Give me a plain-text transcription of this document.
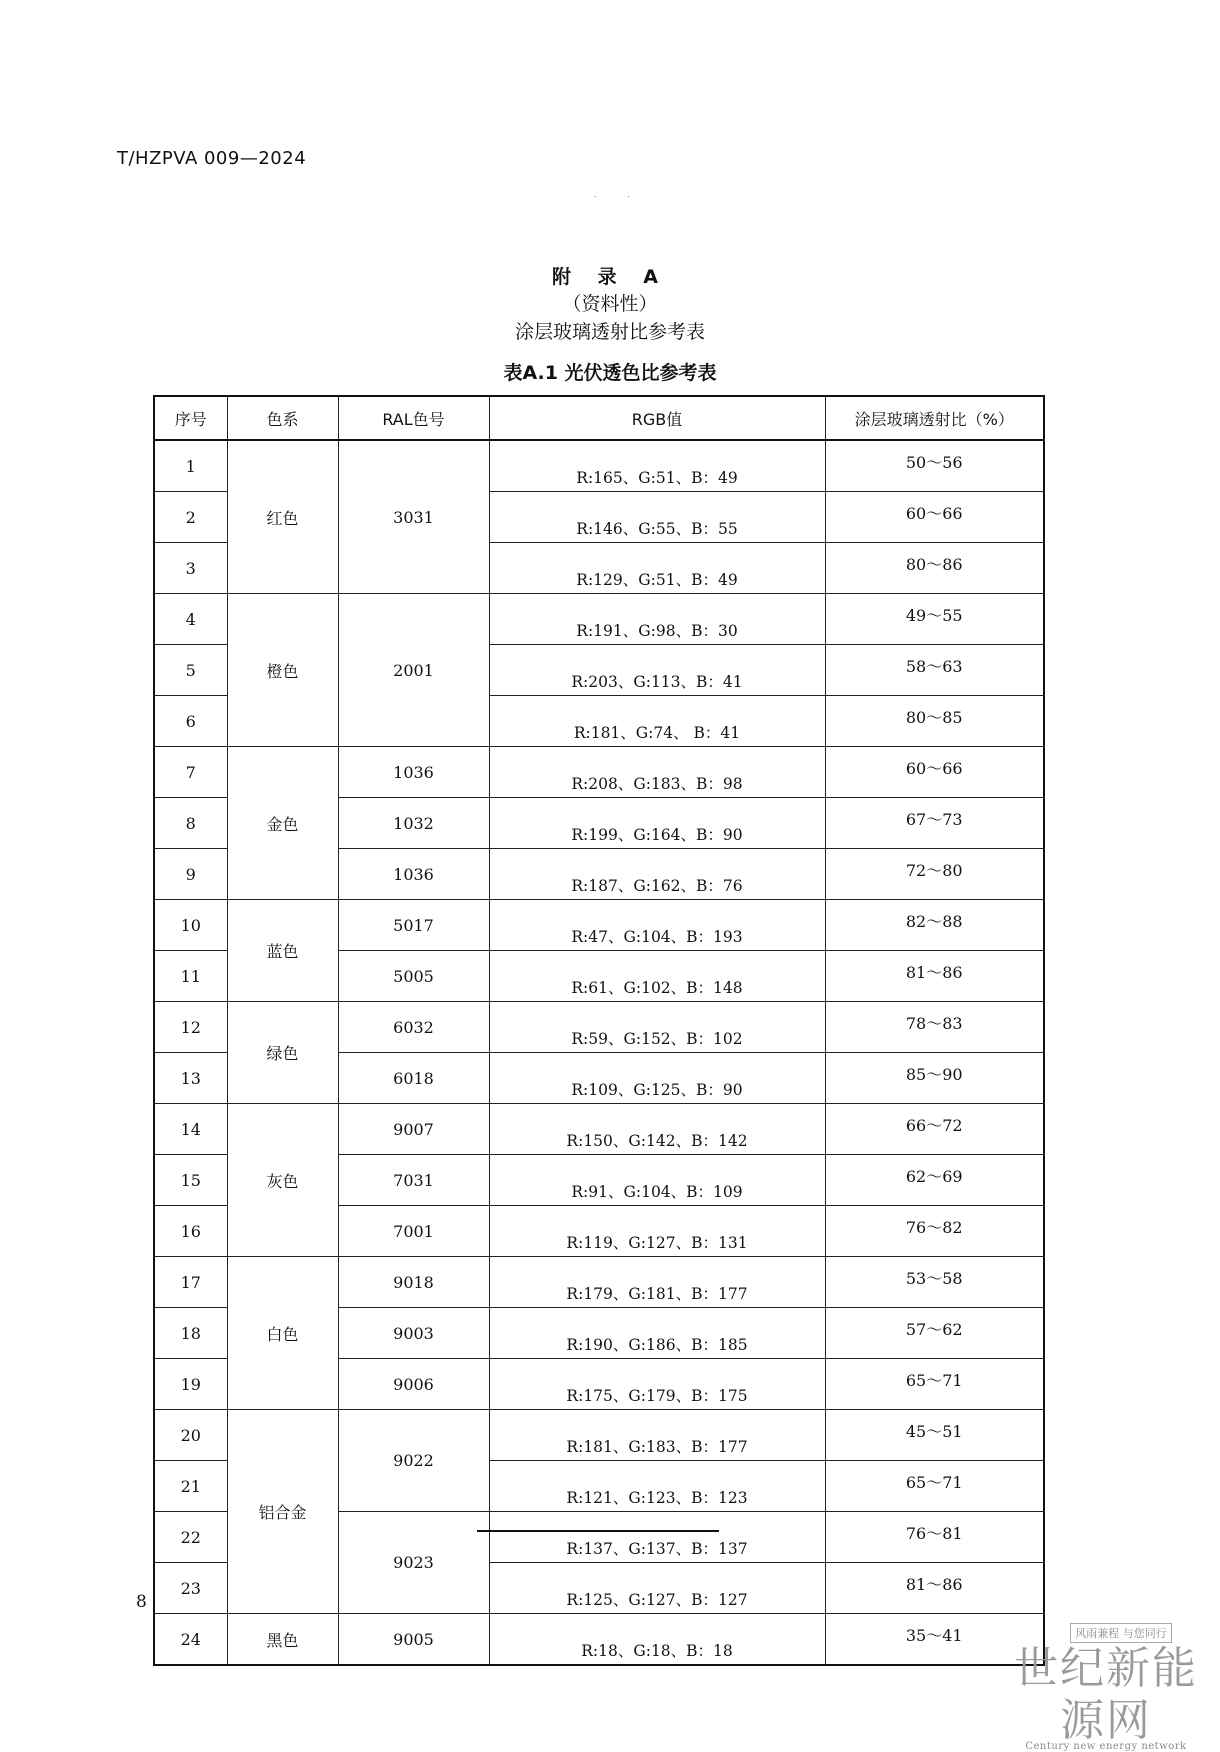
T/HZPVA 009—2024
. .
附 录 A
（资料性）
涂层玻璃透射比参考表
表A.1 光伏透色比参考表
序号	色系	RAL色号	RGB值	涂层玻璃透射比（%）
1	红色	3031	R:165、G:51、B：49	50～56
2			R:146、G:55、B：55	60～66
3			R:129、G:51、B：49	80～86
4	橙色	2001	R:191、G:98、B：30	49～55
5			R:203、G:113、B：41	58～63
6			R:181、G:74、 B：41	80～85
7	金色	1036	R:208、G:183、B：98	60～66
8		1032	R:199、G:164、B：90	67～73
9		1036	R:187、G:162、B：76	72～80
10	蓝色	5017	R:47、G:104、B：193	82～88
11		5005	R:61、G:102、B：148	81～86
12	绿色	6032	R:59、G:152、B：102	78～83
13		6018	R:109、G:125、B：90	85～90
14	灰色	9007	R:150、G:142、B：142	66～72
15		7031	R:91、G:104、B：109	62～69
16		7001	R:119、G:127、B：131	76～82
17	白色	9018	R:179、G:181、B：177	53～58
18		9003	R:190、G:186、B：185	57～62
19		9006	R:175、G:179、B：175	65～71
20	铝合金	9022	R:181、G:183、B：177	45～51
21			R:121、G:123、B：123	65～71
22		9023	R:137、G:137、B：137	76～81
23			R:125、G:127、B：127	81～86
24	黑色	9005	R:18、G:18、B：18	35～41
8
风雨兼程 与您同行
世纪新能源网
Century new energy network
